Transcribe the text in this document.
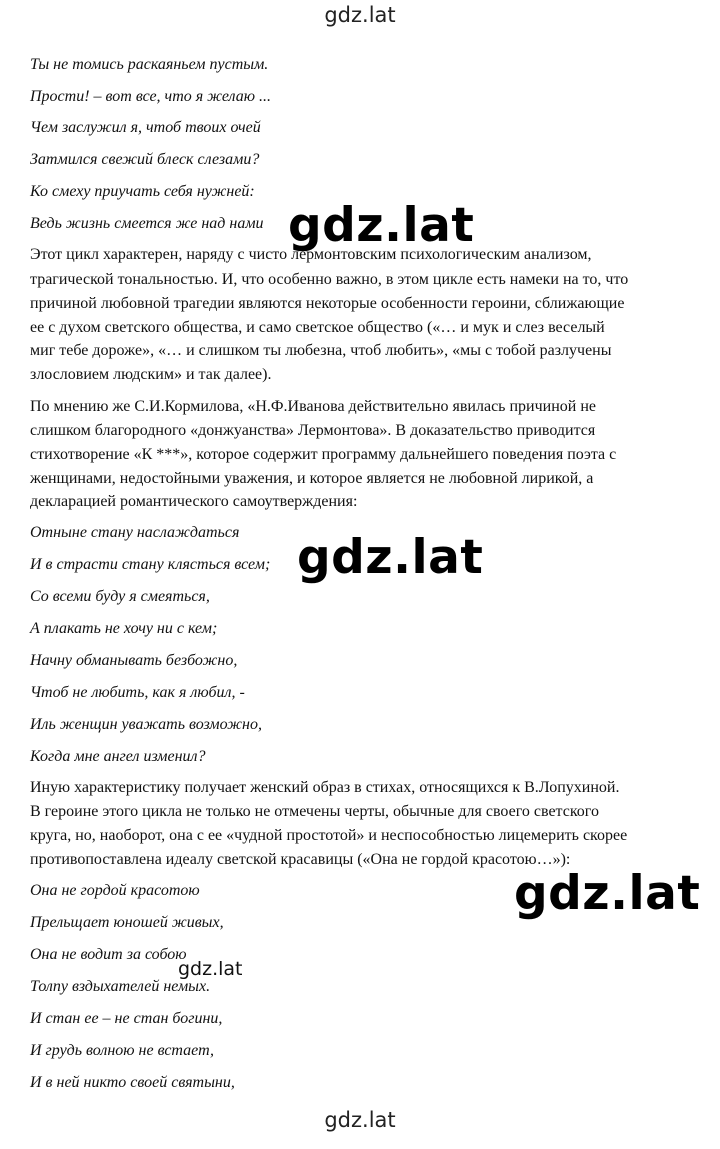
gdz.lat
Ты не томись раскаяньем пустым.
Прости! – вот все, что я желаю ...
Чем заслужил я, чтоб твоих очей
Затмился свежий блеск слезами?
Ко смеху приучать себя нужней:
Ведь жизнь смеется же над нами
Этот цикл характерен, наряду с чисто лермонтовским психологическим анализом,
трагической тональностью. И, что особенно важно, в этом цикле есть намеки на то, что
причиной любовной трагедии являются некоторые особенности героини, сближающие
ее с духом светского общества, и само светское общество («… и мук и слез веселый
миг тебе дороже», «… и слишком ты любезна, чтоб любить», «мы с тобой разлучены
злословием людским» и так далее).
По мнению же С.И.Кормилова, «Н.Ф.Иванова действительно явилась причиной не
слишком благородного «донжуанства» Лермонтова». В доказательство приводится
стихотворение «К ***», которое содержит программу дальнейшего поведения поэта с
женщинами, недостойными уважения, и которое является не любовной лирикой, а
декларацией романтического самоутверждения:
Отныне стану наслаждаться
И в страсти стану клясться всем;
Со всеми буду я смеяться,
А плакать не хочу ни с кем;
Начну обманывать безбожно,
Чтоб не любить, как я любил, -
Иль женщин уважать возможно,
Когда мне ангел изменил?
Иную характеристику получает женский образ в стихах, относящихся к В.Лопухиной.
В героине этого цикла не только не отмечены черты, обычные для своего светского
круга, но, наоборот, она с ее «чудной простотой» и неспособностью лицемерить скорее
противопоставлена идеалу светской красавицы («Она не гордой красотою…»):
Она не гордой красотою
Прельщает юношей живых,
Она не водит за собою
Толпу вздыхателей немых.
И стан ее – не стан богини,
И грудь волною не встает,
И в ней никто своей святыни,
gdz.lat
gdz.lat
gdz.lat
gdz.lat
gdz.lat
